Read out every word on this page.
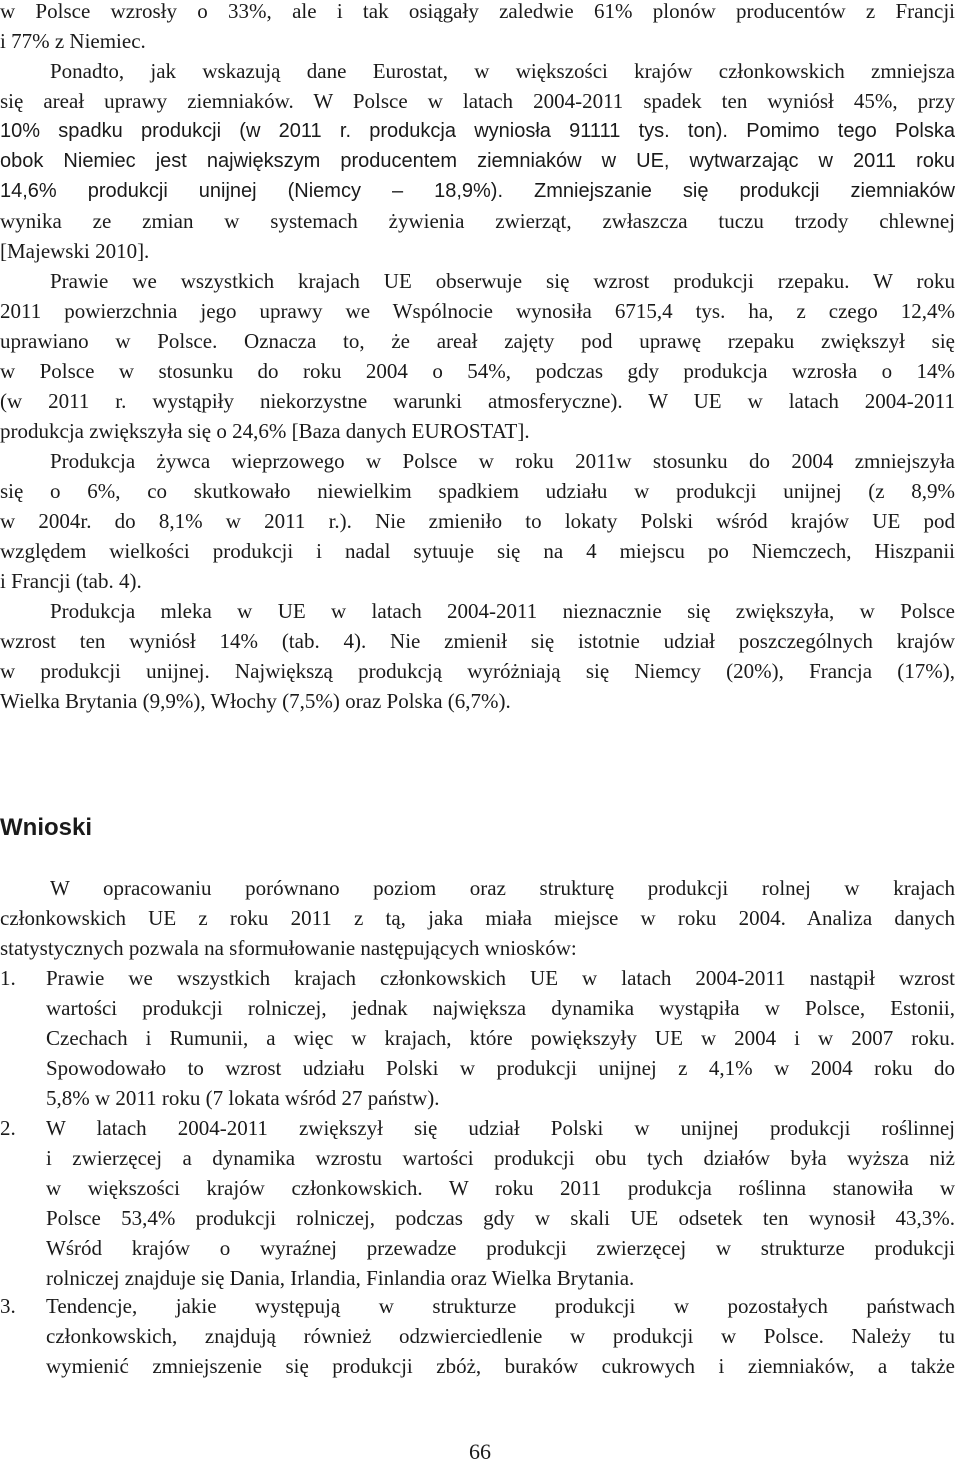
w Polsce wzrosły o 33%, ale i tak osiągały zaledwie 61% plonów producentów z Francji

i 77% z Niemiec.

Ponadto, jak wskazują dane Eurostat, w większości krajów członkowskich zmniejsza

się areał uprawy ziemniaków. W Polsce w latach 2004-2011 spadek ten wyniósł 45%, przy

10% spadku produkcji (w 2011 r. produkcja wyniosła 91111 tys. ton). Pomimo tego Polska

obok Niemiec jest największym producentem ziemniaków w UE, wytwarzając w 2011 roku

14,6% produkcji unijnej (Niemcy – 18,9%). Zmniejszanie się produkcji ziemniaków

wynika ze zmian w systemach żywienia zwierząt, zwłaszcza tuczu trzody chlewnej

[Majewski 2010].

Prawie we wszystkich krajach UE obserwuje się wzrost produkcji rzepaku. W roku

2011 powierzchnia jego uprawy we Wspólnocie wynosiła 6715,4 tys. ha, z czego 12,4%

uprawiano w Polsce. Oznacza to, że areał zajęty pod uprawę rzepaku zwiększył się

w Polsce w stosunku do roku 2004 o 54%, podczas gdy produkcja wzrosła o 14%

(w 2011 r. wystąpiły niekorzystne warunki atmosferyczne). W UE w latach 2004-2011

produkcja zwiększyła się o 24,6% [Baza danych EUROSTAT].

Produkcja żywca wieprzowego w Polsce w roku 2011w stosunku do 2004 zmniejszyła

się o 6%, co skutkowało niewielkim spadkiem udziału w produkcji unijnej (z 8,9%

w 2004r. do 8,1% w 2011 r.). Nie zmieniło to lokaty Polski wśród krajów UE pod

względem wielkości produkcji i nadal sytuuje się na 4 miejscu po Niemczech, Hiszpanii

i Francji (tab. 4).

Produkcja mleka w UE w latach 2004-2011 nieznacznie się zwiększyła, w Polsce

wzrost ten wyniósł 14% (tab. 4). Nie zmienił się istotnie udział poszczególnych krajów

w produkcji unijnej. Największą produkcją wyróżniają się Niemcy (20%), Francja (17%),

Wielka Brytania (9,9%), Włochy (7,5%) oraz Polska (6,7%).

Wnioski

W opracowaniu porównano poziom oraz strukturę produkcji rolnej w krajach

członkowskich UE z roku 2011 z tą, jaka miała miejsce w roku 2004. Analiza danych

statystycznych pozwala na sformułowanie następujących wniosków:

1. Prawie we wszystkich krajach członkowskich UE w latach 2004-2011 nastąpił wzrost

wartości produkcji rolniczej, jednak największa dynamika wystąpiła w Polsce, Estonii,

Czechach i Rumunii, a więc w krajach, które powiększyły UE w 2004 i w 2007 roku.

Spowodowało to wzrost udziału Polski w produkcji unijnej z 4,1% w 2004 roku do

5,8% w 2011 roku (7 lokata wśród 27 państw).

2. W latach 2004-2011 zwiększył się udział Polski w unijnej produkcji roślinnej

i zwierzęcej a dynamika wzrostu wartości produkcji obu tych działów była wyższa niż

w większości krajów członkowskich. W roku 2011 produkcja roślinna stanowiła w

Polsce 53,4% produkcji rolniczej, podczas gdy w skali UE odsetek ten wynosił 43,3%.

Wśród krajów o wyraźnej przewadze produkcji zwierzęcej w strukturze produkcji

rolniczej znajduje się Dania, Irlandia, Finlandia oraz Wielka Brytania.

3. Tendencje, jakie występują w strukturze produkcji w pozostałych państwach

członkowskich, znajdują również odzwierciedlenie w produkcji w Polsce. Należy tu

wymienić zmniejszenie się produkcji zbóż, buraków cukrowych i ziemniaków, a także

66
